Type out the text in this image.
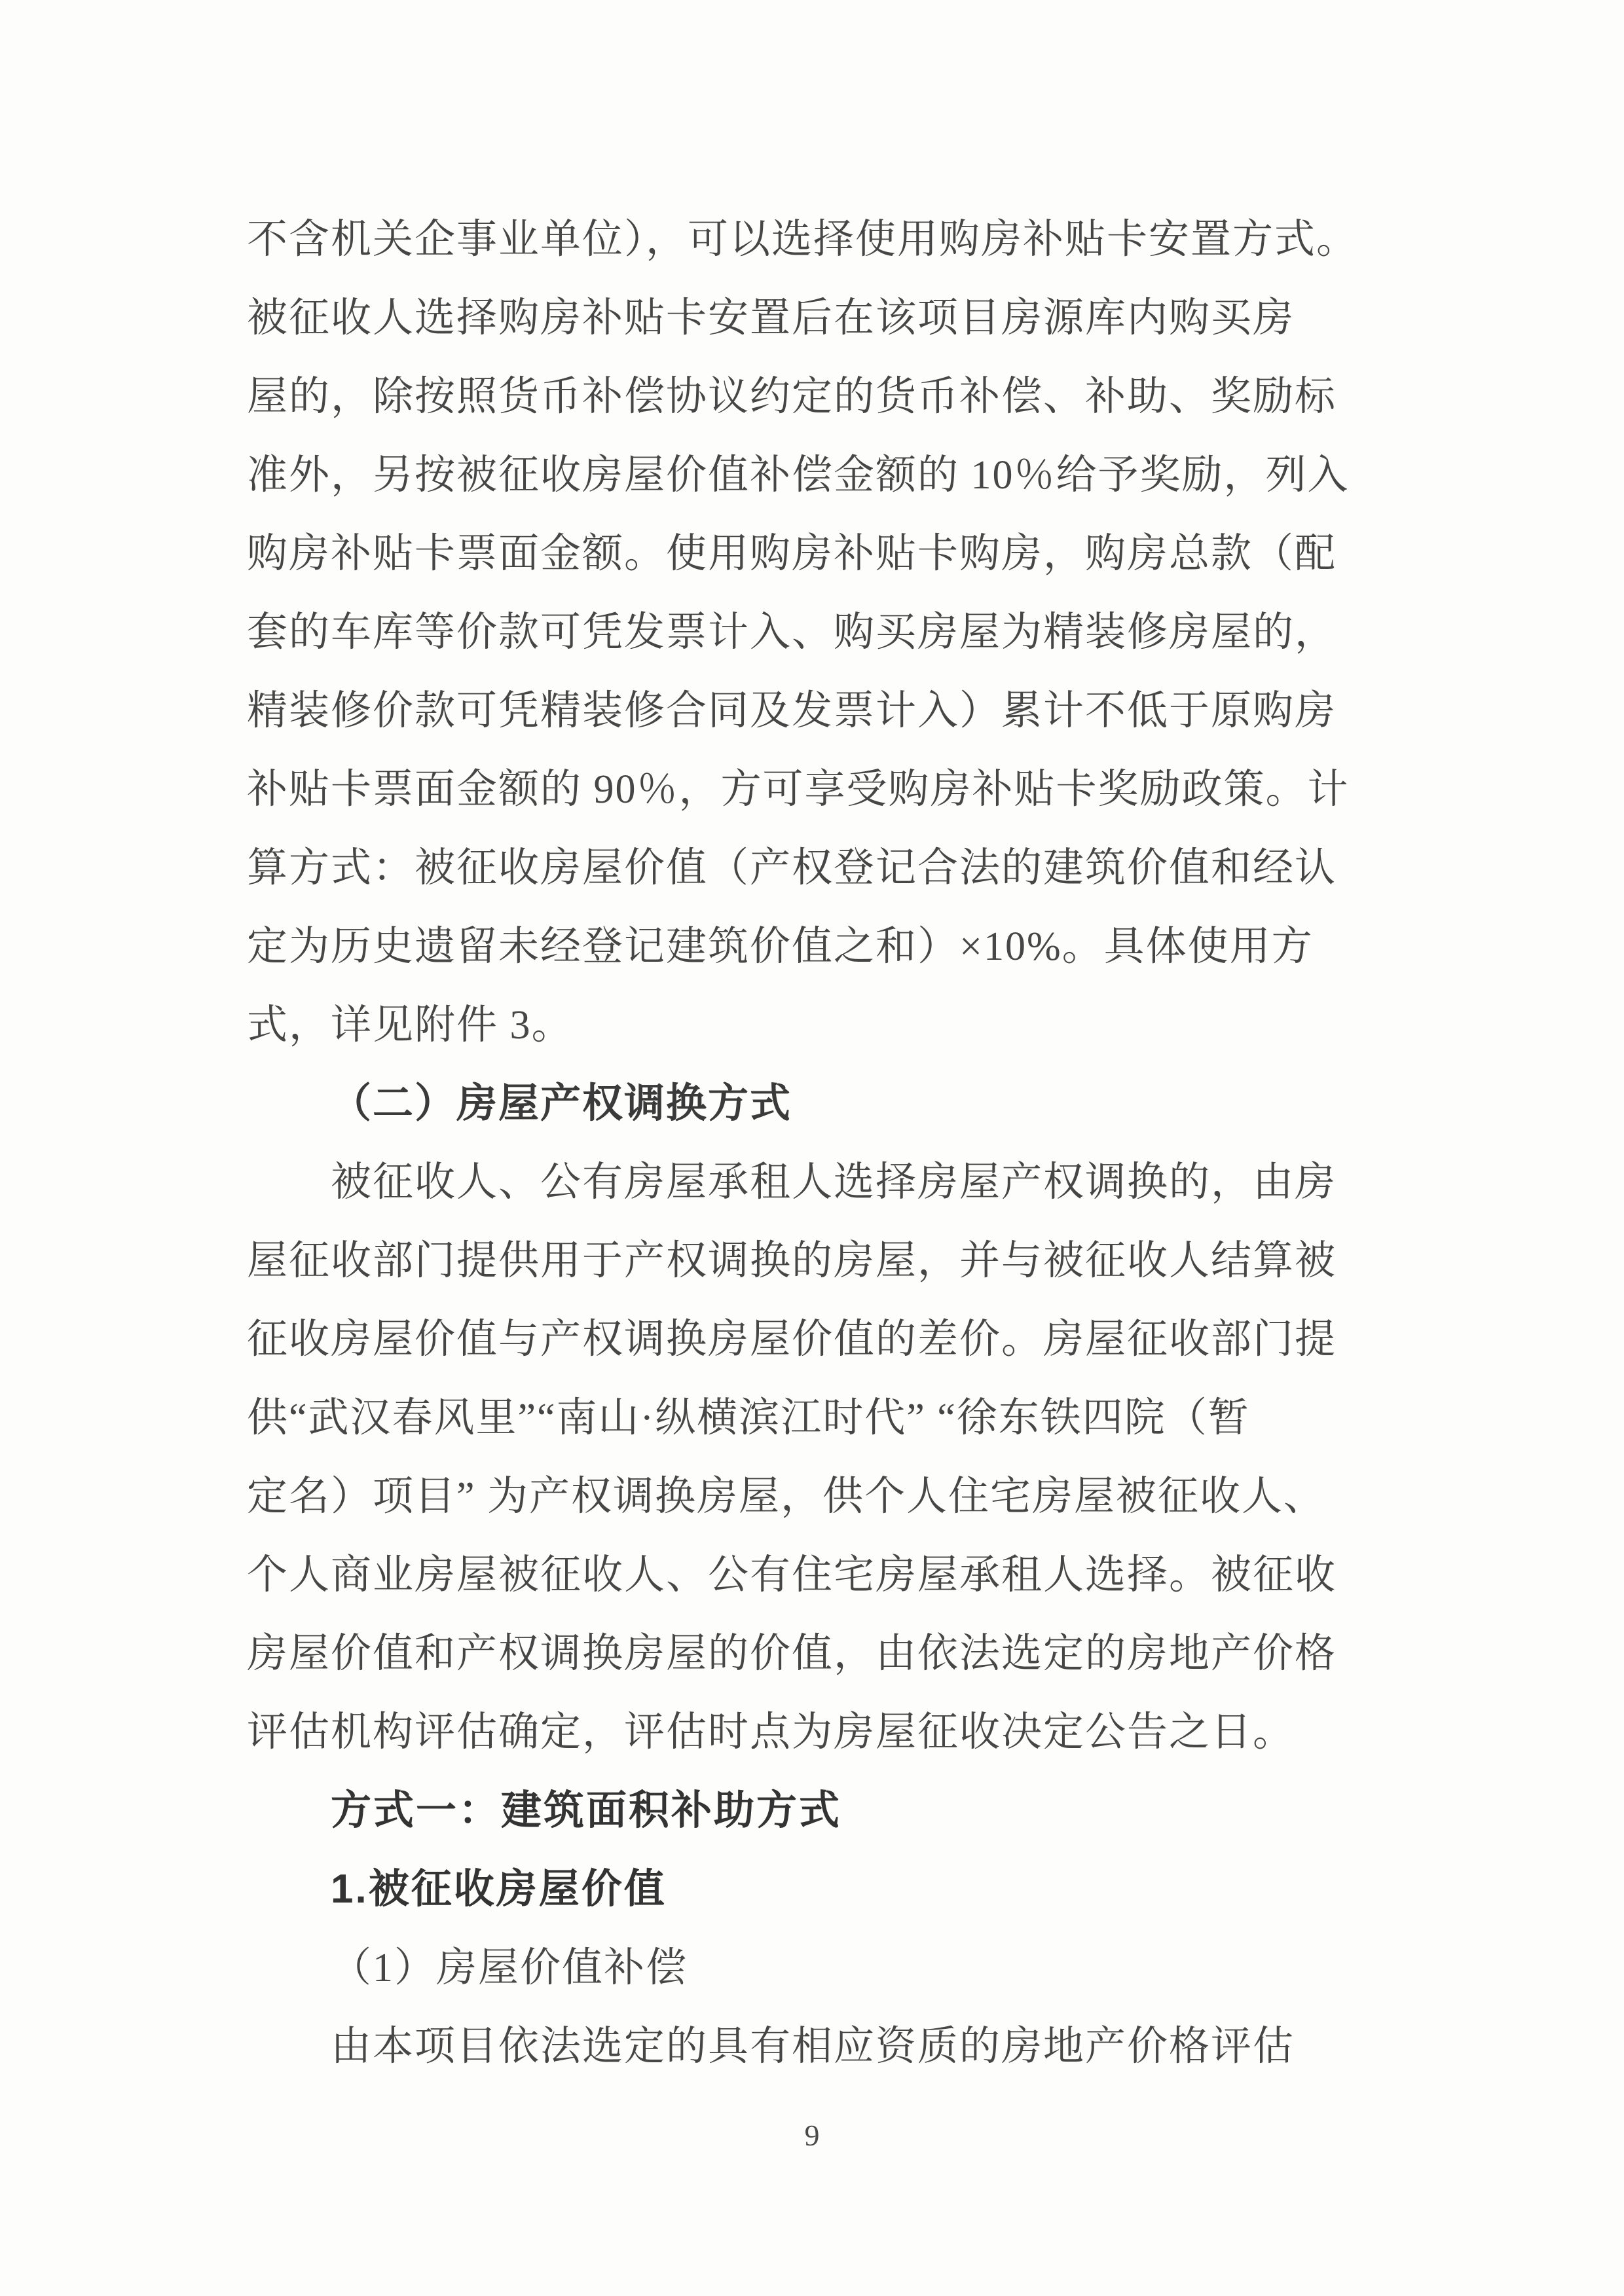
不含机关企事业单位），可以选择使用购房补贴卡安置方式。
被征收人选择购房补贴卡安置后在该项目房源库内购买房
屋的，除按照货币补偿协议约定的货币补偿、补助、奖励标
准外，另按被征收房屋价值补偿金额的 10％给予奖励，列入
购房补贴卡票面金额。使用购房补贴卡购房，购房总款（配
套的车库等价款可凭发票计入、购买房屋为精装修房屋的，
精装修价款可凭精装修合同及发票计入）累计不低于原购房
补贴卡票面金额的 90％，方可享受购房补贴卡奖励政策。计
算方式：被征收房屋价值（产权登记合法的建筑价值和经认
定为历史遗留未经登记建筑价值之和）×10%。具体使用方
式，详见附件 3。
（二）房屋产权调换方式
被征收人、公有房屋承租人选择房屋产权调换的，由房
屋征收部门提供用于产权调换的房屋，并与被征收人结算被
征收房屋价值与产权调换房屋价值的差价。房屋征收部门提
供“武汉春风里”“南山·纵横滨江时代” “徐东铁四院（暂
定名）项目” 为产权调换房屋，供个人住宅房屋被征收人、
个人商业房屋被征收人、公有住宅房屋承租人选择。被征收
房屋价值和产权调换房屋的价值，由依法选定的房地产价格
评估机构评估确定，评估时点为房屋征收决定公告之日。
方式一：建筑面积补助方式
1.被征收房屋价值
（1）房屋价值补偿
由本项目依法选定的具有相应资质的房地产价格评估
9
